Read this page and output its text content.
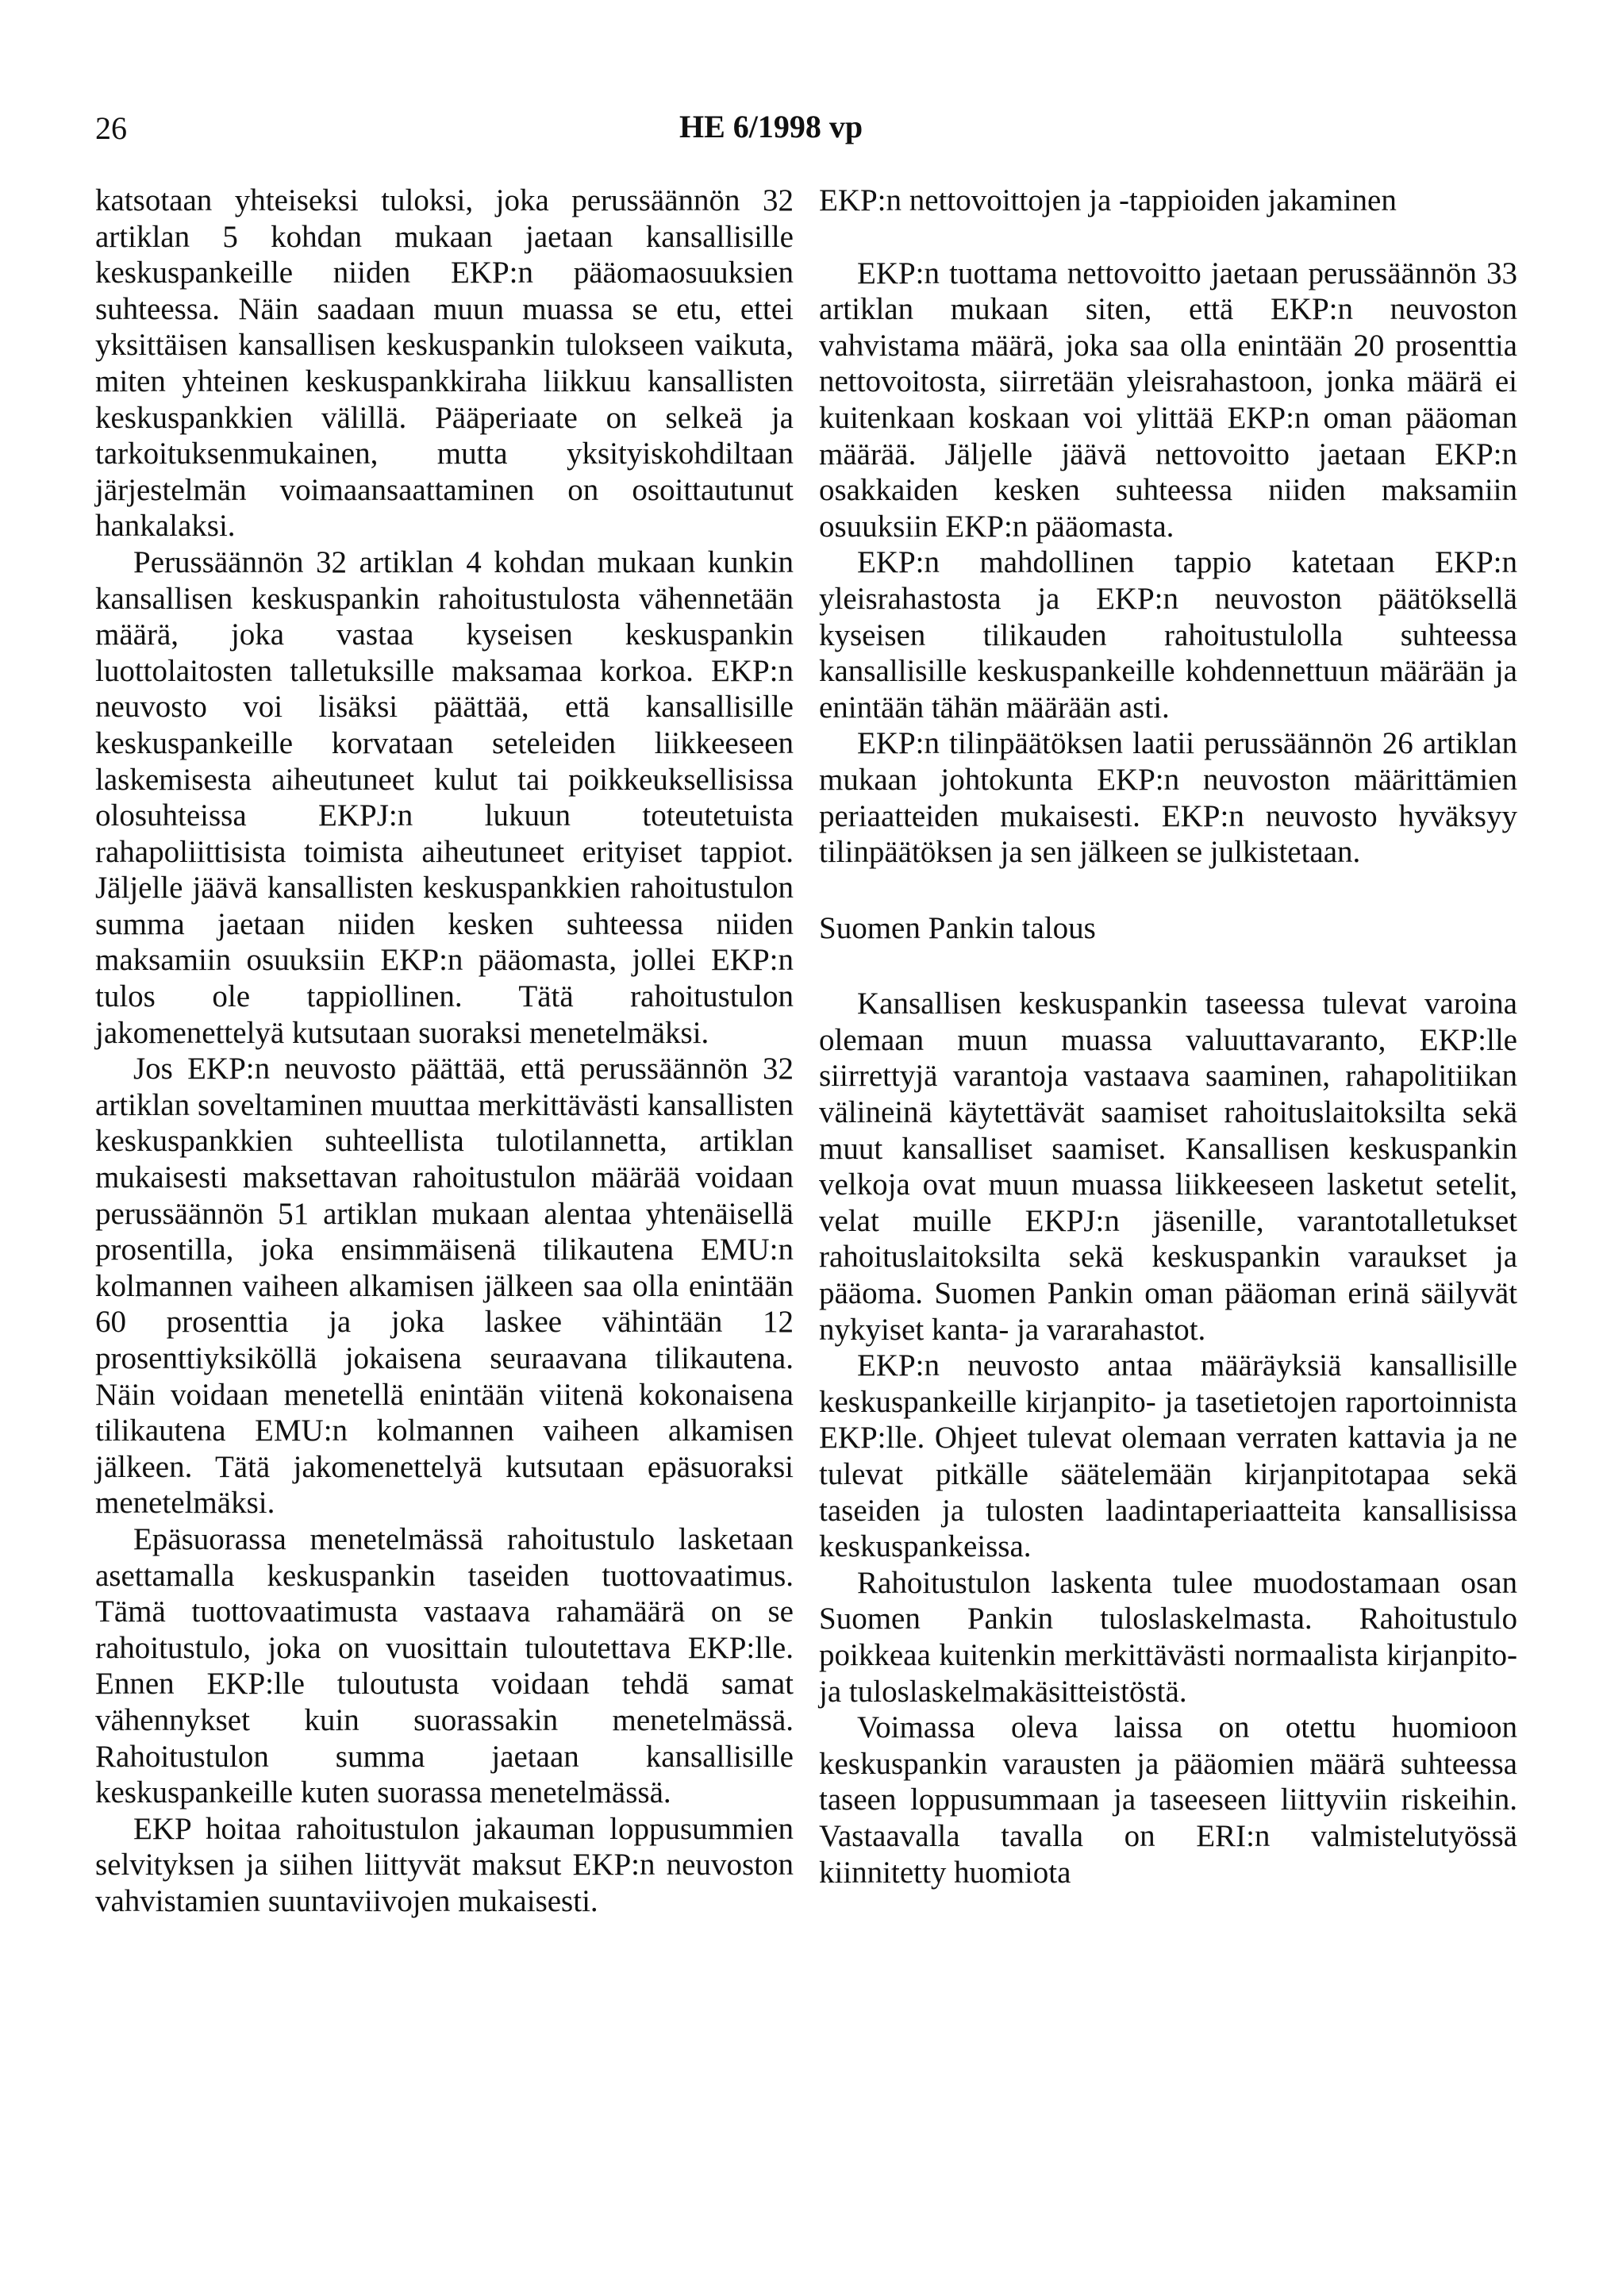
26	HE 6/1998 vp

katsotaan yhteiseksi tuloksi, joka perussäännön 32 artiklan 5 kohdan mukaan jaetaan kansallisille keskuspankeille niiden EKP:n pääomaosuuksien suhteessa. Näin saadaan muun muassa se etu, ettei yksittäisen kansallisen keskuspankin tulokseen vaikuta, miten yhteinen keskuspankkiraha liikkuu kansallisten keskuspankkien välillä. Pääperiaate on selkeä ja tarkoituksenmukainen, mutta yksityiskohdiltaan järjestelmän voimaansaattaminen on osoittautunut hankalaksi.

Perussäännön 32 artiklan 4 kohdan mukaan kunkin kansallisen keskuspankin rahoitustulosta vähennetään määrä, joka vastaa kyseisen keskuspankin luottolaitosten talletuksille maksamaa korkoa. EKP:n neuvosto voi lisäksi päättää, että kansallisille keskuspankeille korvataan seteleiden liikkeeseen laskemisesta aiheutuneet kulut tai poikkeuksellisissa olosuhteissa EKPJ:n lukuun toteutetuista rahapoliittisista toimista aiheutuneet erityiset tappiot. Jäljelle jäävä kansallisten keskuspankkien rahoitustulon summa jaetaan niiden kesken suhteessa niiden maksamiin osuuksiin EKP:n pääomasta, jollei EKP:n tulos ole tappiollinen. Tätä rahoitustulon jakomenettelyä kutsutaan suoraksi menetelmäksi.

Jos EKP:n neuvosto päättää, että perussäännön 32 artiklan soveltaminen muuttaa merkittävästi kansallisten keskuspankkien suhteellista tulotilannetta, artiklan mukaisesti maksettavan rahoitustulon määrää voidaan perussäännön 51 artiklan mukaan alentaa yhtenäisellä prosentilla, joka ensimmäisenä tilikautena EMU:n kolmannen vaiheen alkamisen jälkeen saa olla enintään 60 prosenttia ja joka laskee vähintään 12 prosenttiyksiköllä jokaisena seuraavana tilikautena. Näin voidaan menetellä enintään viitenä kokonaisena tilikautena EMU:n kolmannen vaiheen alkamisen jälkeen. Tätä jakomenettelyä kutsutaan epäsuoraksi menetelmäksi.

Epäsuorassa menetelmässä rahoitustulo lasketaan asettamalla keskuspankin taseiden tuottovaatimus. Tämä tuottovaatimusta vastaava rahamäärä on se rahoitustulo, joka on vuosittain tuloutettava EKP:lle. Ennen EKP:lle tuloutusta voidaan tehdä samat vähennykset kuin suorassakin menetelmässä. Rahoitustulon summa jaetaan kansallisille keskuspankeille kuten suorassa menetelmässä.

EKP hoitaa rahoitustulon jakauman loppusummien selvityksen ja siihen liittyvät maksut EKP:n neuvoston vahvistamien suuntaviivojen mukaisesti.

EKP:n nettovoittojen ja -tappioiden jakaminen

EKP:n tuottama nettovoitto jaetaan perussäännön 33 artiklan mukaan siten, että EKP:n neuvoston vahvistama määrä, joka saa olla enintään 20 prosenttia nettovoitosta, siirretään yleisrahastoon, jonka määrä ei kuitenkaan koskaan voi ylittää EKP:n oman pääoman määrää. Jäljelle jäävä nettovoitto jaetaan EKP:n osakkaiden kesken suhteessa niiden maksamiin osuuksiin EKP:n pääomasta.

EKP:n mahdollinen tappio katetaan EKP:n yleisrahastosta ja EKP:n neuvoston päätöksellä kyseisen tilikauden rahoitustulolla suhteessa kansallisille keskuspankeille kohdennettuun määrään ja enintään tähän määrään asti.

EKP:n tilinpäätöksen laatii perussäännön 26 artiklan mukaan johtokunta EKP:n neuvoston määrittämien periaatteiden mukaisesti. EKP:n neuvosto hyväksyy tilinpäätöksen ja sen jälkeen se julkistetaan.

Suomen Pankin talous

Kansallisen keskuspankin taseessa tulevat varoina olemaan muun muassa valuuttavaranto, EKP:lle siirrettyjä varantoja vastaava saaminen, rahapolitiikan välineinä käytettävät saamiset rahoituslaitoksilta sekä muut kansalliset saamiset. Kansallisen keskuspankin velkoja ovat muun muassa liikkeeseen lasketut setelit, velat muille EKPJ:n jäsenille, varantotalletukset rahoituslaitoksilta sekä keskuspankin varaukset ja pääoma. Suomen Pankin oman pääoman erinä säilyvät nykyiset kanta- ja vararahastot.

EKP:n neuvosto antaa määräyksiä kansallisille keskuspankeille kirjanpito- ja tasetietojen raportoinnista EKP:lle. Ohjeet tulevat olemaan verraten kattavia ja ne tulevat pitkälle säätelemään kirjanpitotapaa sekä taseiden ja tulosten laadintaperiaatteita kansallisissa keskuspankeissa.

Rahoitustulon laskenta tulee muodostamaan osan Suomen Pankin tuloslaskelmasta. Rahoitustulo poikkeaa kuitenkin merkittävästi normaalista kirjanpito- ja tuloslaskelmakäsitteistöstä.

Voimassa oleva laissa on otettu huomioon keskuspankin varausten ja pääomien määrä suhteessa taseen loppusummaan ja taseeseen liittyviin riskeihin. Vastaavalla tavalla on ERI:n valmistelutyössä kiinnitetty huomiota
